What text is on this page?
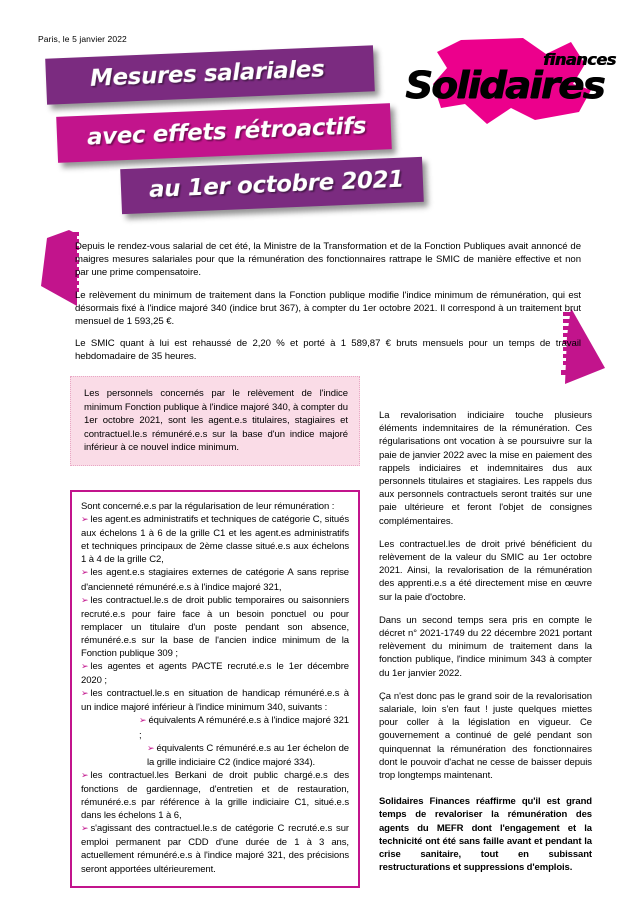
Paris, le 5 janvier 2022
finances
Solidaires
Mesures salariales
avec effets rétroactifs
au 1er octobre 2021

Depuis le rendez-vous salarial de cet été, la Ministre de la Transformation et de la Fonction Publiques avait annoncé de maigres mesures salariales pour que la rémunération des fonctionnaires rattrape le SMIC de manière effective et non par une prime compensatoire.

Le relèvement du minimum de traitement dans la Fonction publique modifie l'indice minimum de rémunération, qui est désormais fixé à l'indice majoré 340 (indice brut 367), à compter du 1er octobre 2021. Il correspond à un traitement brut mensuel de 1 593,25 €.

Le SMIC quant à lui est rehaussé de 2,20 % et porté à 1 589,87 € bruts mensuels pour un temps de travail hebdomadaire de 35 heures.

Les personnels concernés par le relèvement de l'indice minimum Fonction publique à l'indice majoré 340, à compter du 1er octobre 2021, sont les agent.e.s titulaires, stagiaires et contractuel.le.s rémunéré.e.s sur la base d'un indice majoré inférieur à ce nouvel indice minimum.

Sont concerné.e.s par la régularisation de leur rémunération :

➢ les agent.es administratifs et techniques de catégorie C, situés aux échelons 1 à 6 de la grille C1 et les agent.es administratifs et techniques principaux de 2ème classe situé.e.s aux échelons 1 à 4 de la grille C2,

➢ les agent.e.s stagiaires externes de catégorie A sans reprise d'ancienneté rémunéré.e.s à l'indice majoré 321,

➢ les contractuel.le.s de droit public temporaires ou saisonniers recruté.e.s pour faire face à un besoin ponctuel ou pour remplacer un titulaire d'un poste pendant son absence, rémunéré.e.s sur la base de l'ancien indice minimum de la Fonction publique 309 ;

➢ les agentes et agents PACTE recruté.e.s le 1er décembre 2020 ;

➢ les contractuel.le.s en situation de handicap rémunéré.e.s à un indice majoré inférieur à l'indice minimum 340, suivants :

➢ équivalents A rémunéré.e.s à l'indice majoré 321 ;

➢ équivalents C rémunéré.e.s au 1er échelon de la grille indiciaire C2 (indice majoré 334).

➢ les contractuel.les Berkani de droit public chargé.e.s des fonctions de gardiennage, d'entretien et de restauration, rémunéré.e.s par référence à la grille indiciaire C1, situé.e.s dans les échelons 1 à 6,

➢ s'agissant des contractuel.le.s de catégorie C recruté.e.s sur emploi permanent par CDD d'une durée de 1 à 3 ans, actuellement rémunéré.e.s à l'indice majoré 321, des précisions seront apportées ultérieurement.

La revalorisation indiciaire touche plusieurs éléments indemnitaires de la rémunération. Ces régularisations ont vocation à se poursuivre sur la paie de janvier 2022 avec la mise en paiement des rappels indiciaires et indemnitaires dus aux personnels titulaires et stagiaires. Les rappels dus aux personnels contractuels seront traités sur une paie ultérieure et feront l'objet de consignes complémentaires.

Les contractuel.les de droit privé bénéficient du relèvement de la valeur du SMIC au 1er octobre 2021. Ainsi, la revalorisation de la rémunération des apprenti.e.s a été directement mise en œuvre sur la paie d'octobre.

Dans un second temps sera pris en compte le décret n° 2021-1749 du 22 décembre 2021 portant relèvement du minimum de traitement dans la fonction publique, l'indice minimum 343 à compter du 1er janvier 2022.

Ça n'est donc pas le grand soir de la revalorisation salariale, loin s'en faut ! juste quelques miettes pour coller à la législation en vigueur. Ce gouvernement a continué de gelé pendant son quinquennat la rémunération des fonctionnaires dont le pouvoir d'achat ne cesse de baisser depuis trop longtemps maintenant.

Solidaires Finances réaffirme qu'il est grand temps de revaloriser la rémunération des agents du MEFR dont l'engagement et la technicité ont été sans faille avant et pendant la crise sanitaire, tout en subissant restructurations et suppressions d'emplois.
